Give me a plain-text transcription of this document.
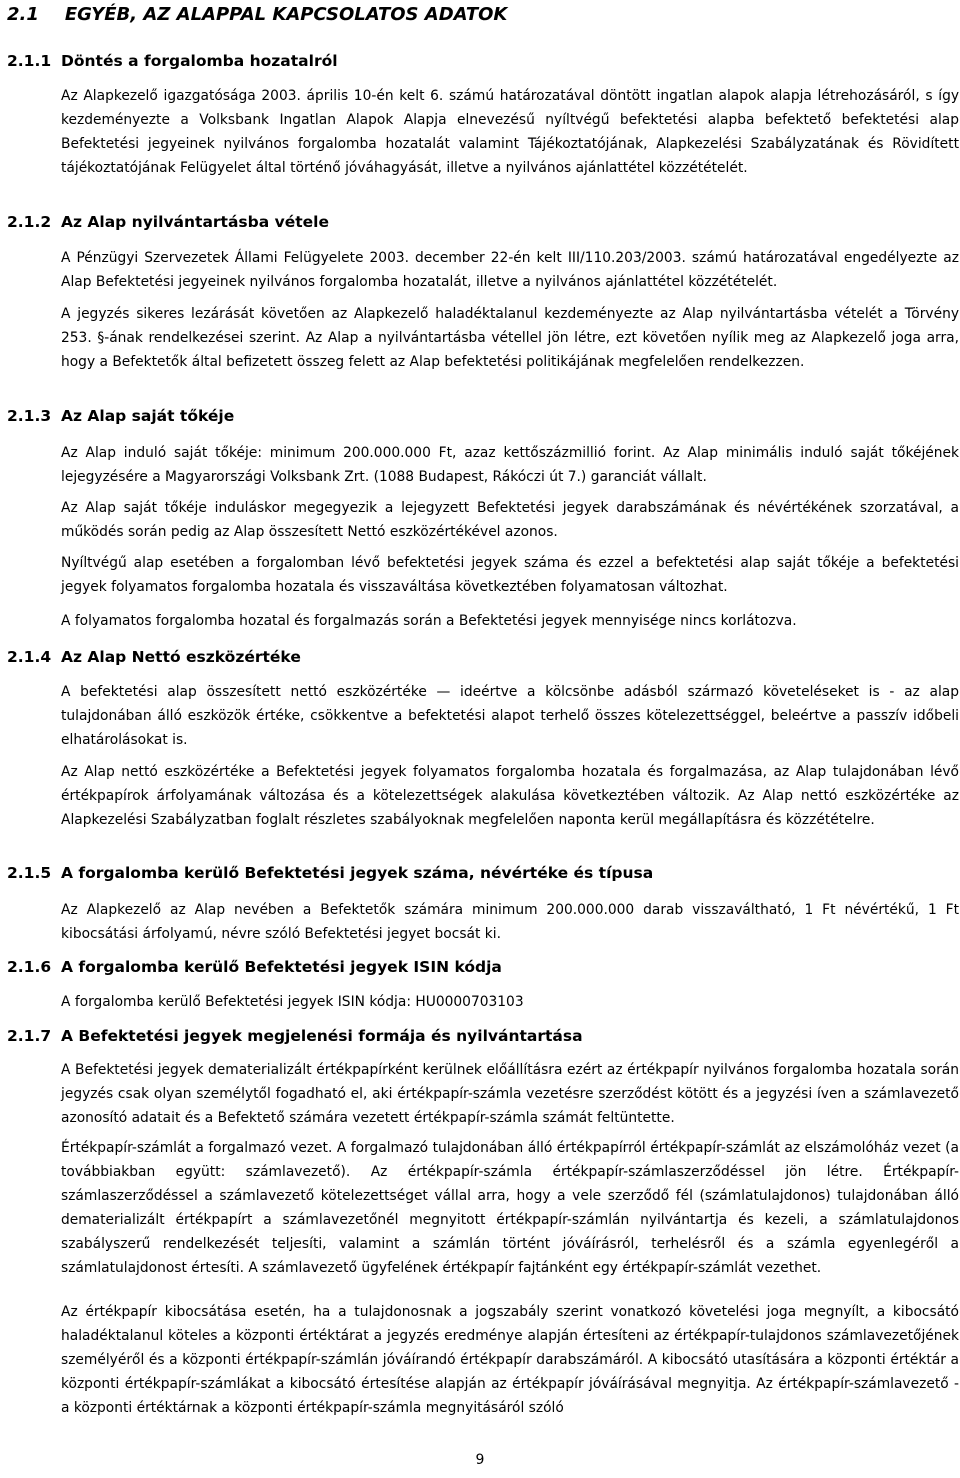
2.1 EGYÉB, AZ ALAPPAL KAPCSOLATOS ADATOK
2.1.1 Döntés a forgalomba hozatalról

Az Alapkezelő igazgatósága 2003. április 10-én kelt 6. számú határozatával döntött ingatlan alapok alapja létrehozásáról, s így kezdeményezte a Volksbank Ingatlan Alapok Alapja elnevezésű nyíltvégű befektetési alapba befektető befektetési alap Befektetési jegyeinek nyilvános forgalomba hozatalát valamint Tájékoztatójának, Alapkezelési Szabályzatának és Rövidített tájékoztatójának Felügyelet által történő jóváhagyását, illetve a nyilvános ajánlattétel közzétételét.

2.1.2 Az Alap nyilvántartásba vétele

A Pénzügyi Szervezetek Állami Felügyelete 2003. december 22-én kelt III/110.203/2003. számú határozatával engedélyezte az Alap Befektetési jegyeinek nyilvános forgalomba hozatalát, illetve a nyilvános ajánlattétel közzétételét.

A jegyzés sikeres lezárását követően az Alapkezelő haladéktalanul kezdeményezte az Alap nyilvántartásba vételét a Törvény 253. §-ának rendelkezései szerint. Az Alap a nyilvántartásba vétellel jön létre, ezt követően nyílik meg az Alapkezelő joga arra, hogy a Befektetők által befizetett összeg felett az Alap befektetési politikájának megfelelően rendelkezzen.

2.1.3 Az Alap saját tőkéje

Az Alap induló saját tőkéje: minimum 200.000.000 Ft, azaz kettőszázmillió forint. Az Alap minimális induló saját tőkéjének lejegyzésére a Magyarországi Volksbank Zrt. (1088 Budapest, Rákóczi út 7.) garanciát vállalt.

Az Alap saját tőkéje induláskor megegyezik a lejegyzett Befektetési jegyek darabszámának és névértékének szorzatával, a működés során pedig az Alap összesített Nettó eszközértékével azonos.

Nyíltvégű alap esetében a forgalomban lévő befektetési jegyek száma és ezzel a befektetési alap saját tőkéje a befektetési jegyek folyamatos forgalomba hozatala és visszaváltása következtében folyamatosan változhat.

A folyamatos forgalomba hozatal és forgalmazás során a Befektetési jegyek mennyisége nincs korlátozva.

2.1.4 Az Alap Nettó eszközértéke

A befektetési alap összesített nettó eszközértéke — ideértve a kölcsönbe adásból származó követeléseket is - az alap tulajdonában álló eszközök értéke, csökkentve a befektetési alapot terhelő összes kötelezettséggel, beleértve a passzív időbeli elhatárolásokat is.

Az Alap nettó eszközértéke a Befektetési jegyek folyamatos forgalomba hozatala és forgalmazása, az Alap tulajdonában lévő értékpapírok árfolyamának változása és a kötelezettségek alakulása következtében változik. Az Alap nettó eszközértéke az Alapkezelési Szabályzatban foglalt részletes szabályoknak megfelelően naponta kerül megállapításra és közzétételre.

2.1.5 A forgalomba kerülő Befektetési jegyek száma, névértéke és típusa

Az Alapkezelő az Alap nevében a Befektetők számára minimum 200.000.000 darab visszaváltható, 1 Ft névértékű, 1 Ft kibocsátási árfolyamú, névre szóló Befektetési jegyet bocsát ki.

2.1.6 A forgalomba kerülő Befektetési jegyek ISIN kódja

A forgalomba kerülő Befektetési jegyek ISIN kódja: HU0000703103

2.1.7 A Befektetési jegyek megjelenési formája és nyilvántartása

A Befektetési jegyek dematerializált értékpapírként kerülnek előállításra ezért az értékpapír nyilvános forgalomba hozatala során jegyzés csak olyan személytől fogadható el, aki értékpapír-számla vezetésre szerződést kötött és a jegyzési íven a számlavezető azonosító adatait és a Befektető számára vezetett értékpapír-számla számát feltüntette.

Értékpapír-számlát a forgalmazó vezet. A forgalmazó tulajdonában álló értékpapírról értékpapír-számlát az elszámolóház vezet (a továbbiakban együtt: számlavezető). Az értékpapír-számla értékpapír-számlaszerződéssel jön létre. Értékpapír-számlaszerződéssel a számlavezető kötelezettséget vállal arra, hogy a vele szerződő fél (számlatulajdonos) tulajdonában álló dematerializált értékpapírt a számlavezetőnél megnyitott értékpapír-számlán nyilvántartja és kezeli, a számlatulajdonos szabályszerű rendelkezését teljesíti, valamint a számlán történt jóváírásról, terhelésről és a számla egyenlegéről a számlatulajdonost értesíti. A számlavezető ügyfelének értékpapír fajtánként egy értékpapír-számlát vezethet.

Az értékpapír kibocsátása esetén, ha a tulajdonosnak a jogszabály szerint vonatkozó követelési joga megnyílt, a kibocsátó haladéktalanul köteles a központi értéktárat a jegyzés eredménye alapján értesíteni az értékpapír-tulajdonos számlavezetőjének személyéről és a központi értékpapír-számlán jóváírandó értékpapír darabszámáról. A kibocsátó utasítására a központi értéktár a központi értékpapír-számlákat a kibocsátó értesítése alapján az értékpapír jóváírásával megnyitja. Az értékpapír-számlavezető - a központi értéktárnak a központi értékpapír-számla megnyitásáról szóló

9
